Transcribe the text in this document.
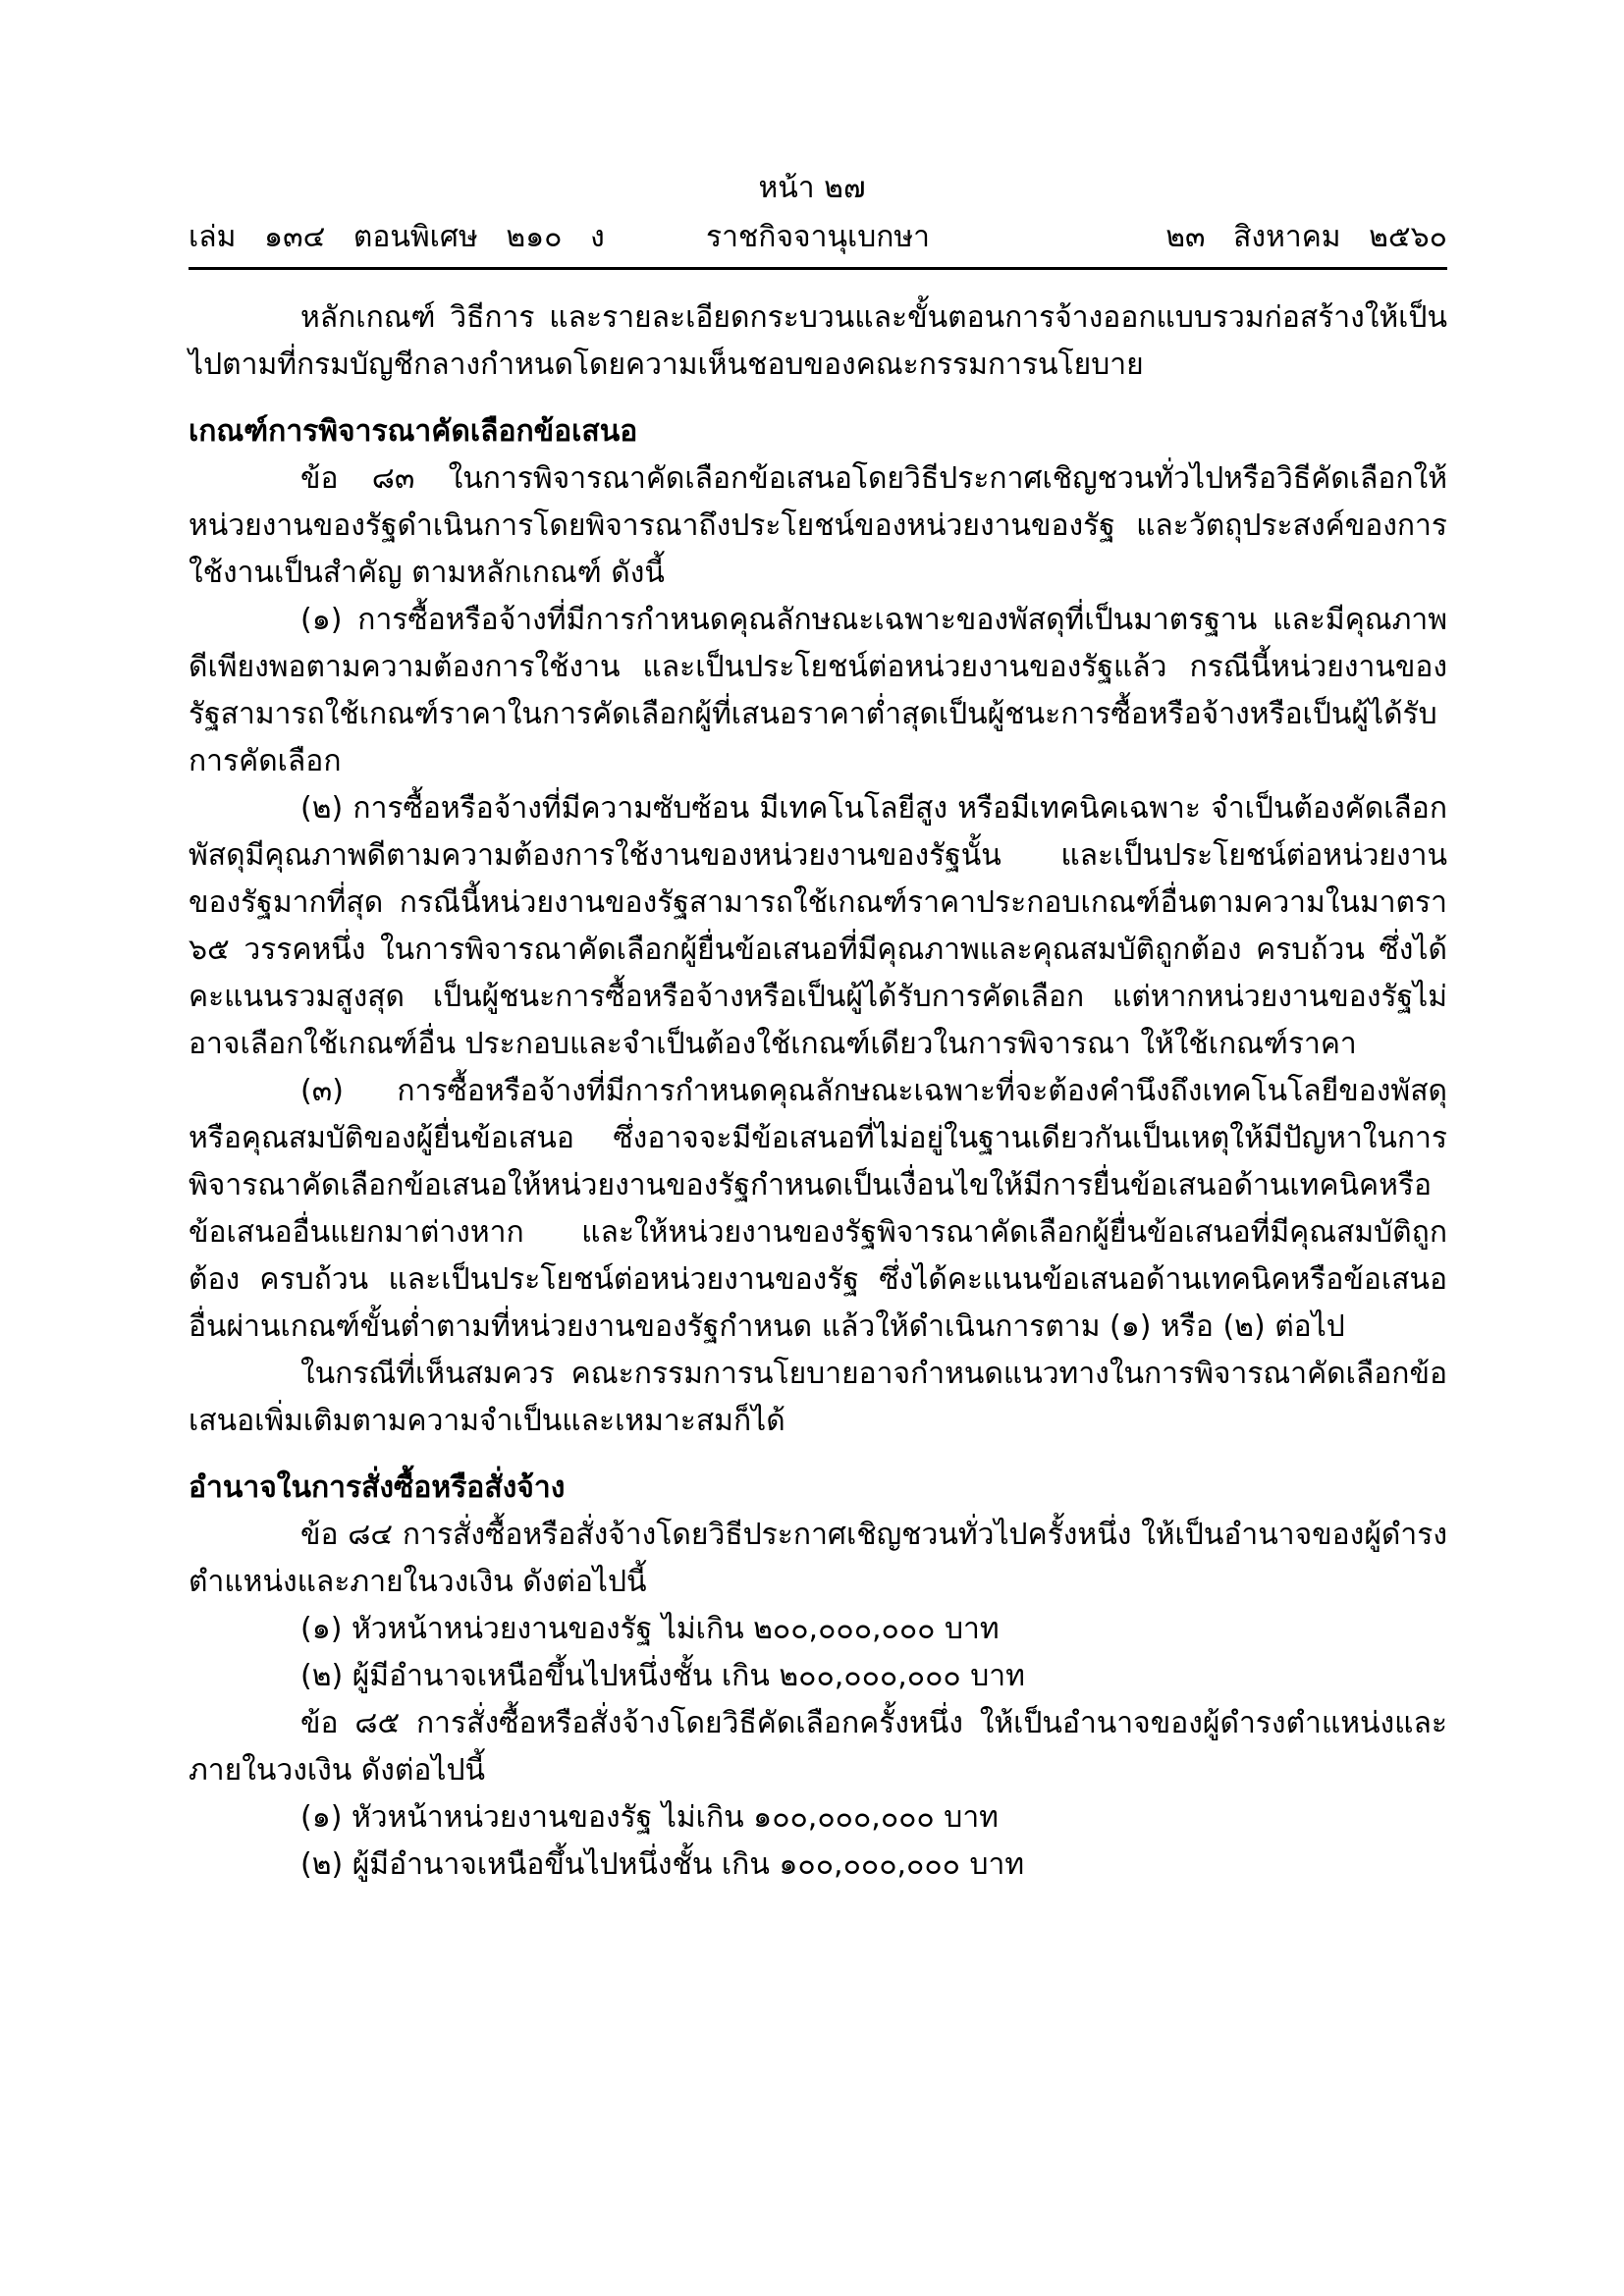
หน้า ๒๗
เล่ม   ๑๓๔   ตอนพิเศษ   ๒๑๐   ง	ราชกิจจานุเบกษา	๒๓   สิงหาคม   ๒๕๖๐

หลักเกณฑ์ วิธีการ และรายละเอียดกระบวนและขั้นตอนการจ้างออกแบบรวมก่อสร้างให้เป็นไปตามที่กรมบัญชีกลางกำหนดโดยความเห็นชอบของคณะกรรมการนโยบาย

เกณฑ์การพิจารณาคัดเลือกข้อเสนอ

ข้อ ๘๓ ในการพิจารณาคัดเลือกข้อเสนอโดยวิธีประกาศเชิญชวนทั่วไปหรือวิธีคัดเลือกให้หน่วยงานของรัฐดำเนินการโดยพิจารณาถึงประโยชน์ของหน่วยงานของรัฐ และวัตถุประสงค์ของการใช้งานเป็นสำคัญ ตามหลักเกณฑ์ ดังนี้

(๑) การซื้อหรือจ้างที่มีการกำหนดคุณลักษณะเฉพาะของพัสดุที่เป็นมาตรฐาน และมีคุณภาพดีเพียงพอตามความต้องการใช้งาน และเป็นประโยชน์ต่อหน่วยงานของรัฐแล้ว กรณีนี้หน่วยงานของรัฐสามารถใช้เกณฑ์ราคาในการคัดเลือกผู้ที่เสนอราคาต่ำสุดเป็นผู้ชนะการซื้อหรือจ้างหรือเป็นผู้ได้รับการคัดเลือก

(๒) การซื้อหรือจ้างที่มีความซับซ้อน มีเทคโนโลยีสูง หรือมีเทคนิคเฉพาะ จำเป็นต้องคัดเลือกพัสดุมีคุณภาพดีตามความต้องการใช้งานของหน่วยงานของรัฐนั้น และเป็นประโยชน์ต่อหน่วยงานของรัฐมากที่สุด กรณีนี้หน่วยงานของรัฐสามารถใช้เกณฑ์ราคาประกอบเกณฑ์อื่นตามความในมาตรา ๖๕ วรรคหนึ่ง ในการพิจารณาคัดเลือกผู้ยื่นข้อเสนอที่มีคุณภาพและคุณสมบัติถูกต้อง ครบถ้วน ซึ่งได้คะแนนรวมสูงสุด เป็นผู้ชนะการซื้อหรือจ้างหรือเป็นผู้ได้รับการคัดเลือก แต่หากหน่วยงานของรัฐไม่อาจเลือกใช้เกณฑ์อื่น ประกอบและจำเป็นต้องใช้เกณฑ์เดียวในการพิจารณา ให้ใช้เกณฑ์ราคา

(๓) การซื้อหรือจ้างที่มีการกำหนดคุณลักษณะเฉพาะที่จะต้องคำนึงถึงเทคโนโลยีของพัสดุหรือคุณสมบัติของผู้ยื่นข้อเสนอ ซึ่งอาจจะมีข้อเสนอที่ไม่อยู่ในฐานเดียวกันเป็นเหตุให้มีปัญหาในการพิจารณาคัดเลือกข้อเสนอให้หน่วยงานของรัฐกำหนดเป็นเงื่อนไขให้มีการยื่นข้อเสนอด้านเทคนิคหรือข้อเสนออื่นแยกมาต่างหาก และให้หน่วยงานของรัฐพิจารณาคัดเลือกผู้ยื่นข้อเสนอที่มีคุณสมบัติถูกต้อง ครบถ้วน และเป็นประโยชน์ต่อหน่วยงานของรัฐ ซึ่งได้คะแนนข้อเสนอด้านเทคนิคหรือข้อเสนออื่นผ่านเกณฑ์ขั้นต่ำตามที่หน่วยงานของรัฐกำหนด แล้วให้ดำเนินการตาม (๑) หรือ (๒) ต่อไป

ในกรณีที่เห็นสมควร คณะกรรมการนโยบายอาจกำหนดแนวทางในการพิจารณาคัดเลือกข้อเสนอเพิ่มเติมตามความจำเป็นและเหมาะสมก็ได้

อำนาจในการสั่งซื้อหรือสั่งจ้าง

ข้อ ๘๔ การสั่งซื้อหรือสั่งจ้างโดยวิธีประกาศเชิญชวนทั่วไปครั้งหนึ่ง ให้เป็นอำนาจของผู้ดำรงตำแหน่งและภายในวงเงิน ดังต่อไปนี้

(๑) หัวหน้าหน่วยงานของรัฐ ไม่เกิน ๒๐๐,๐๐๐,๐๐๐ บาท

(๒) ผู้มีอำนาจเหนือขึ้นไปหนึ่งชั้น เกิน ๒๐๐,๐๐๐,๐๐๐ บาท

ข้อ ๘๕ การสั่งซื้อหรือสั่งจ้างโดยวิธีคัดเลือกครั้งหนึ่ง ให้เป็นอำนาจของผู้ดำรงตำแหน่งและภายในวงเงิน ดังต่อไปนี้

(๑) หัวหน้าหน่วยงานของรัฐ ไม่เกิน ๑๐๐,๐๐๐,๐๐๐ บาท

(๒) ผู้มีอำนาจเหนือขึ้นไปหนึ่งชั้น เกิน ๑๐๐,๐๐๐,๐๐๐ บาท
